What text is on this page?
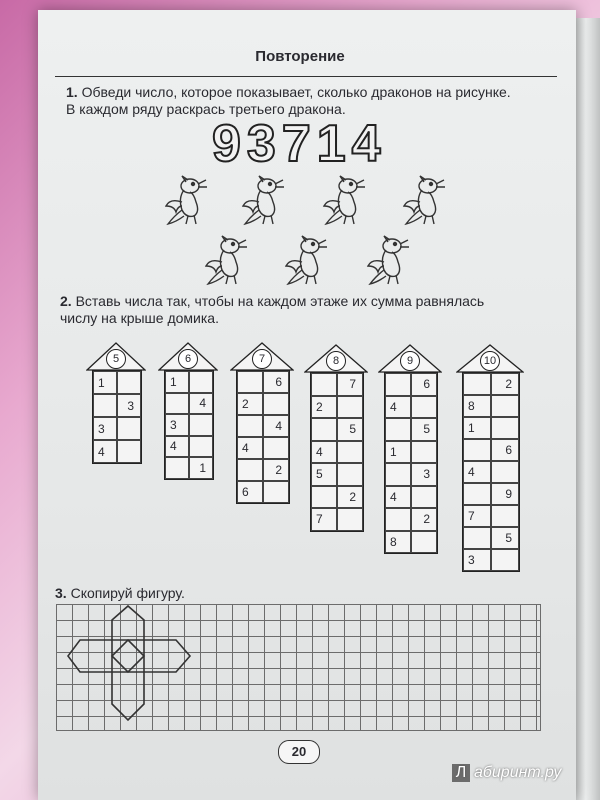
Повторение
1. Обведи число, которое показывает, сколько драконов на рисунке.
В каждом ряду раскрась третьего дракона.
93714
2. Вставь числа так, чтобы на каждом этаже их сумма равнялась
числу на крыше домика.
5
1
3
3
4
6
1
4
3
4
1
7
6
2
4
4
2
6
8
7
2
5
4
5
2
7
9
6
4
5
1
3
4
2
8
10
2
8
1
6
4
9
7
5
3
3. Скопируй фигуру.
20
Л абиринт.ру
